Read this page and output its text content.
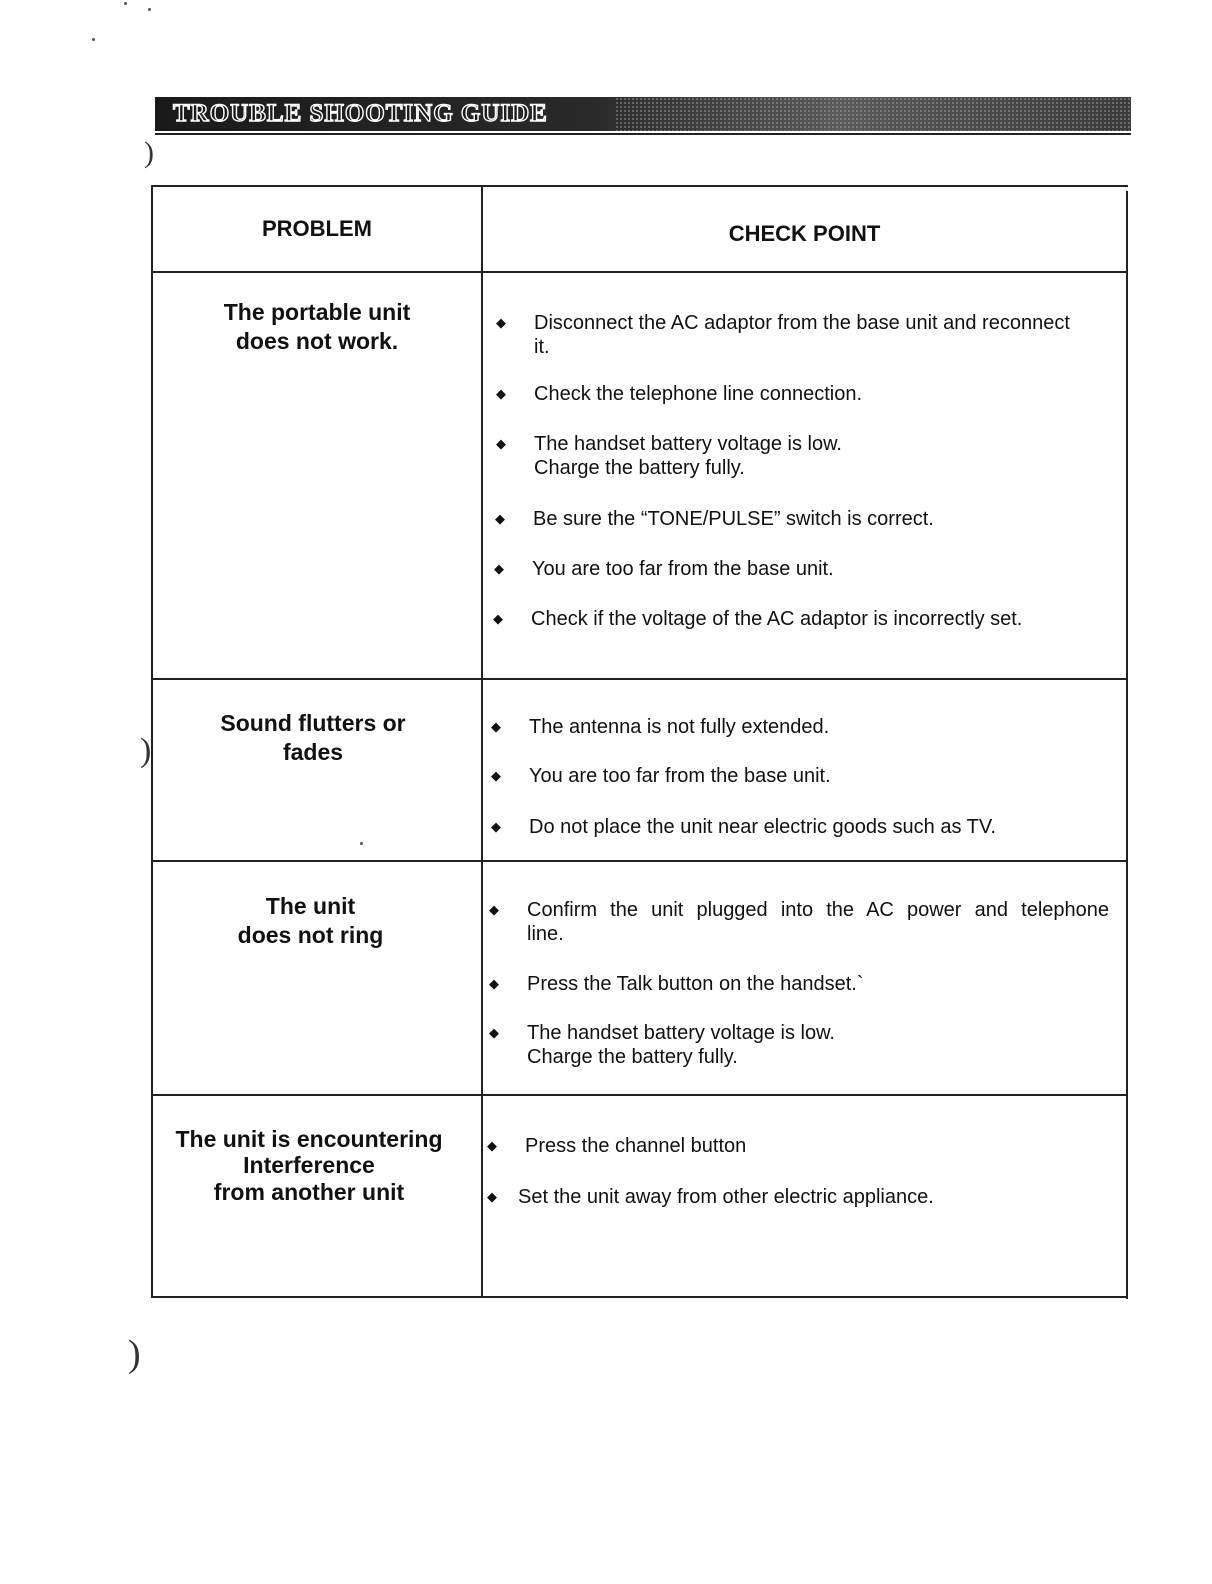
TROUBLE SHOOTING GUIDE
)
)
)
PROBLEM	CHECK POINT
The portable unit
does not work.
◆ Disconnect the AC adaptor from the base unit and reconnect
it.
◆ Check the telephone line connection.
◆ The handset battery voltage is low.
Charge the battery fully.
◆ Be sure the “TONE/PULSE” switch is correct.
◆ You are too far from the base unit.
◆ Check if the voltage of the AC adaptor is incorrectly set.
Sound flutters or
fades
◆ The antenna is not fully extended.
◆ You are too far from the base unit.
◆ Do not place the unit near electric goods such as TV.
The unit
does not ring
◆ Confirm the unit plugged into the AC power and telephone
line.
◆ Press the Talk button on the handset.`
◆ The handset battery voltage is low.
Charge the battery fully.
The unit is encountering
Interference
from another unit
◆ Press the channel button
◆ Set the unit away from other electric appliance.
